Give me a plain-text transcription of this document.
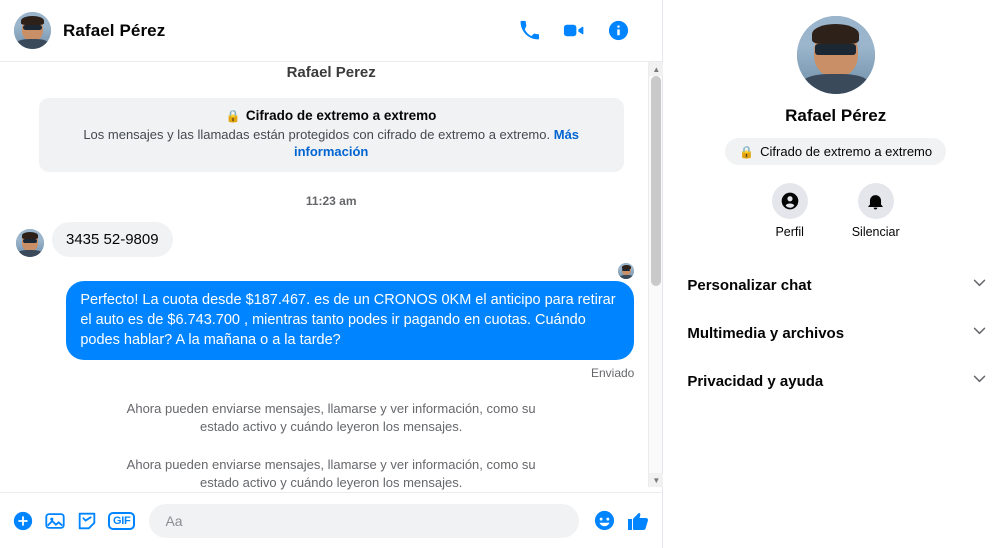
Rafael Pérez
Rafael Perez
🔒 Cifrado de extremo a extremo
Los mensajes y las llamadas están protegidos con cifrado de extremo a extremo. Más información
11:23 am
3435 52-9809
Perfecto! La cuota desde $187.467. es de un CRONOS 0KM el anticipo para retirar el auto es de $6.743.700 , mientras tanto podes ir pagando en cuotas. Cuándo podes hablar? A la mañana o a la tarde?
Enviado
Ahora pueden enviarse mensajes, llamarse y ver información, como su estado activo y cuándo leyeron los mensajes.
Ahora pueden enviarse mensajes, llamarse y ver información, como su estado activo y cuándo leyeron los mensajes.
▲
▼
GIF
Aa
Rafael Pérez
🔒 Cifrado de extremo a extremo
Perfil	Silenciar
Personalizar chat
Multimedia y archivos
Privacidad y ayuda
